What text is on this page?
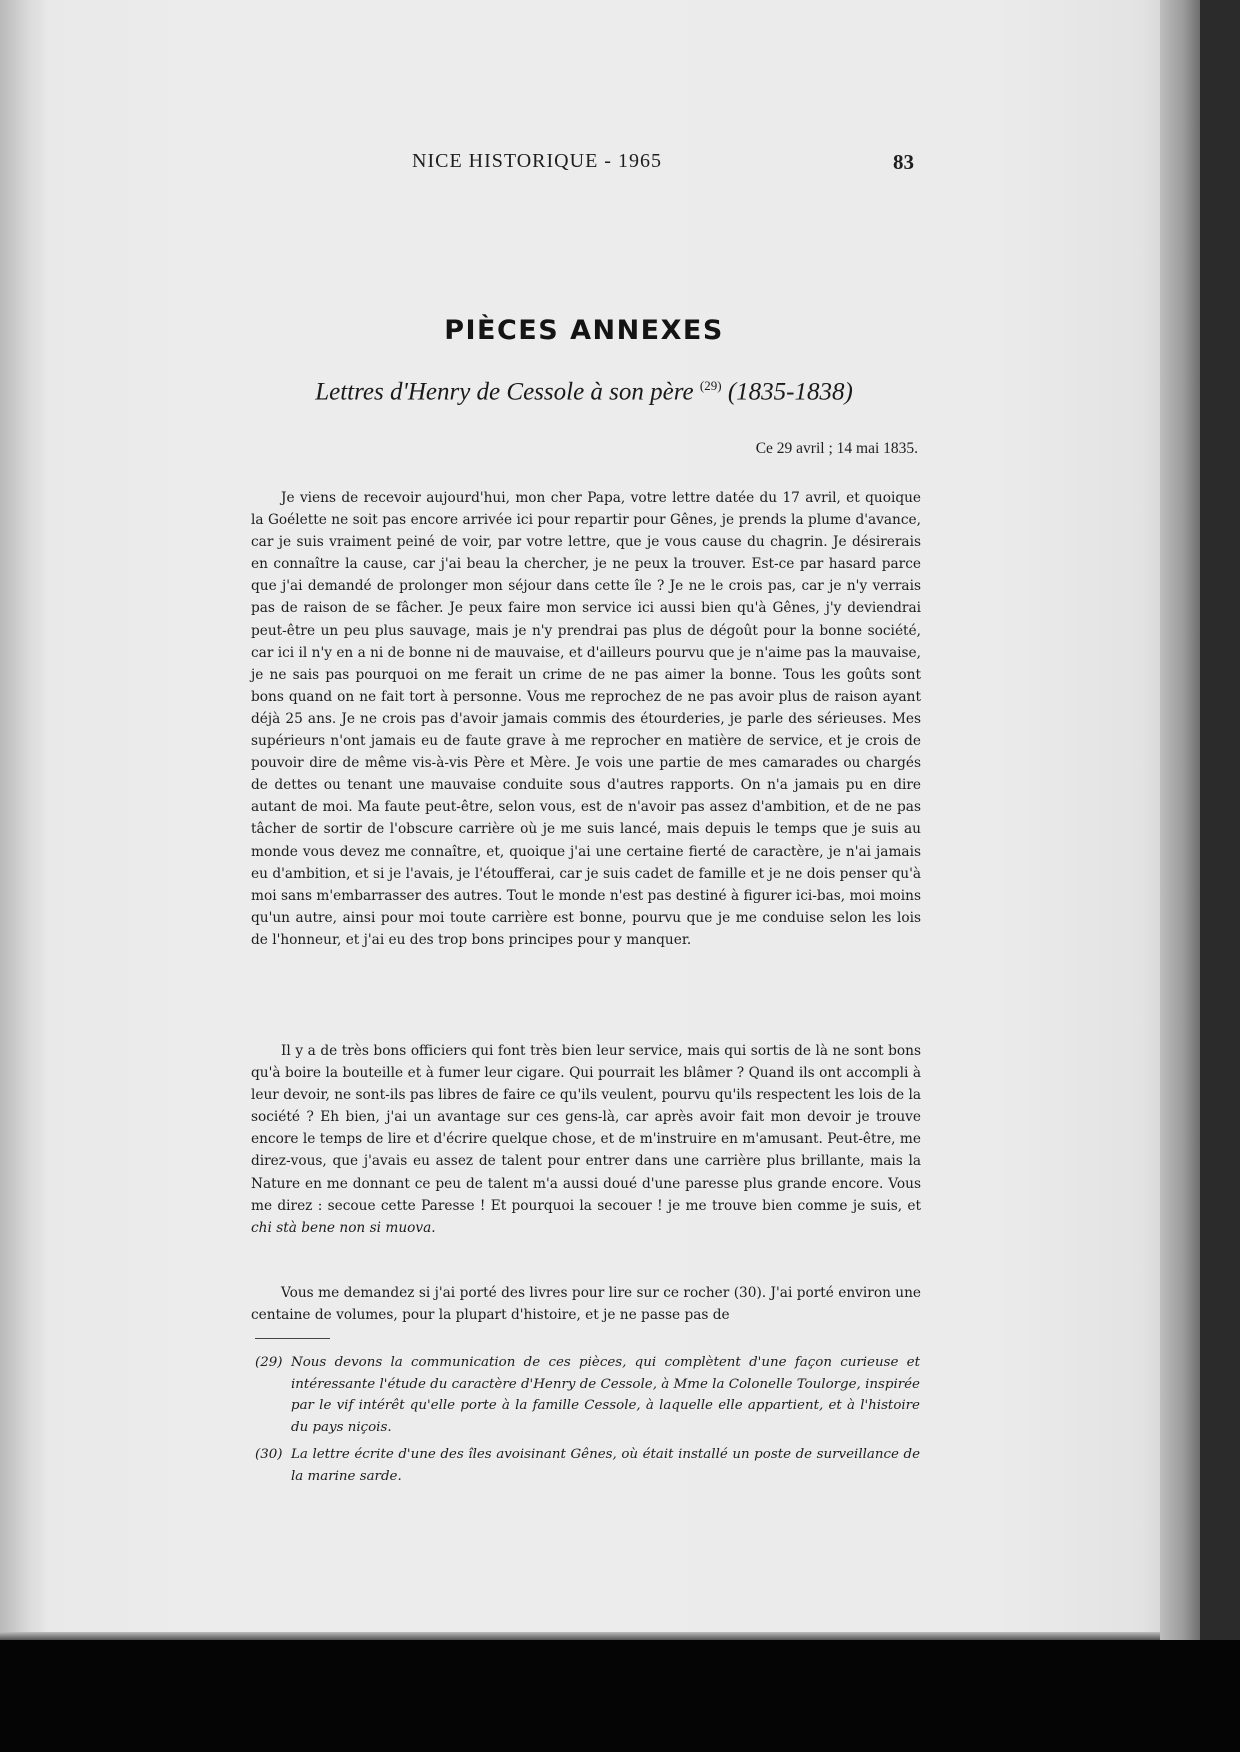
NICE HISTORIQUE - 1965	83
PIÈCES ANNEXES
Lettres d'Henry de Cessole à son père $^{(29)}$ (1835-1838)
Ce 29 avril ; 14 mai 1835.

Je viens de recevoir aujourd'hui, mon cher Papa, votre lettre datée du 17 avril, et quoique la Goélette ne soit pas encore arrivée ici pour repartir pour Gênes, je prends la plume d'avance, car je suis vraiment peiné de voir, par votre lettre, que je vous cause du chagrin. Je désirerais en connaître la cause, car j'ai beau la chercher, je ne peux la trouver. Est-ce par hasard parce que j'ai demandé de prolonger mon séjour dans cette île ? Je ne le crois pas, car je n'y verrais pas de raison de se fâcher. Je peux faire mon service ici aussi bien qu'à Gênes, j'y deviendrai peut-être un peu plus sauvage, mais je n'y prendrai pas plus de dégoût pour la bonne société, car ici il n'y en a ni de bonne ni de mauvaise, et d'ailleurs pourvu que je n'aime pas la mauvaise, je ne sais pas pourquoi on me ferait un crime de ne pas aimer la bonne. Tous les goûts sont bons quand on ne fait tort à personne. Vous me reprochez de ne pas avoir plus de raison ayant déjà 25 ans. Je ne crois pas d'avoir jamais commis des étourderies, je parle des sérieuses. Mes supérieurs n'ont jamais eu de faute grave à me reprocher en matière de service, et je crois de pouvoir dire de même vis-à-vis Père et Mère. Je vois une partie de mes camarades ou chargés de dettes ou tenant une mauvaise conduite sous d'autres rapports. On n'a jamais pu en dire autant de moi. Ma faute peut-être, selon vous, est de n'avoir pas assez d'ambition, et de ne pas tâcher de sortir de l'obscure carrière où je me suis lancé, mais depuis le temps que je suis au monde vous devez me connaître, et, quoique j'ai une certaine fierté de caractère, je n'ai jamais eu d'ambition, et si je l'avais, je l'étoufferai, car je suis cadet de famille et je ne dois penser qu'à moi sans m'embarrasser des autres. Tout le monde n'est pas destiné à figurer ici-bas, moi moins qu'un autre, ainsi pour moi toute carrière est bonne, pourvu que je me conduise selon les lois de l'honneur, et j'ai eu des trop bons principes pour y manquer.

Il y a de très bons officiers qui font très bien leur service, mais qui sortis de là ne sont bons qu'à boire la bouteille et à fumer leur cigare. Qui pourrait les blâmer ? Quand ils ont accompli à leur devoir, ne sont-ils pas libres de faire ce qu'ils veulent, pourvu qu'ils respectent les lois de la société ? Eh bien, j'ai un avantage sur ces gens-là, car après avoir fait mon devoir je trouve encore le temps de lire et d'écrire quelque chose, et de m'instruire en m'amusant. Peut-être, me direz-vous, que j'avais eu assez de talent pour entrer dans une carrière plus brillante, mais la Nature en me donnant ce peu de talent m'a aussi doué d'une paresse plus grande encore. Vous me direz : secoue cette Paresse ! Et pourquoi la secouer ! je me trouve bien comme je suis, et chi stà bene non si muova.

Vous me demandez si j'ai porté des livres pour lire sur ce rocher (30). J'ai porté environ une centaine de volumes, pour la plupart d'histoire, et je ne passe pas de

(29) Nous devons la communication de ces pièces, qui complètent d'une façon curieuse et intéressante l'étude du caractère d'Henry de Cessole, à Mme la Colonelle Toulorge, inspirée par le vif intérêt qu'elle porte à la famille Cessole, à laquelle elle appartient, et à l'histoire du pays niçois.
(30) La lettre écrite d'une des îles avoisinant Gênes, où était installé un poste de surveillance de la marine sarde.
